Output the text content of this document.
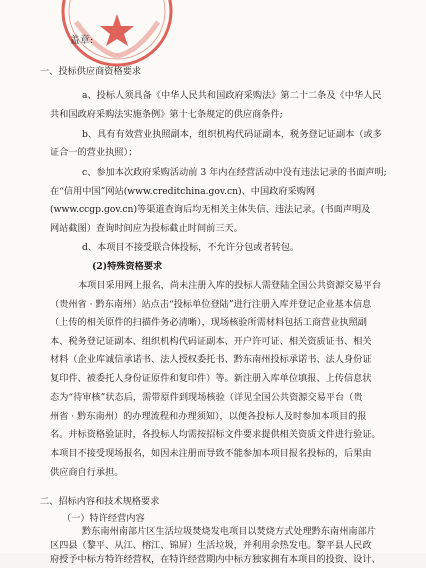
盖章:
一、投标供应商资格要求
a、投标人须具备《中华人民共和国政府采购法》第二十二条及《中华人民
共和国政府采购法实施条例》第十七条规定的供应商条件;
b、具有有效营业执照副本，组织机构代码证副本，税务登记证副本（或多
证合一的营业执照）；
c、参加本次政府采购活动前 3 年内在经营活动中没有违法记录的书面声明;
在“信用中国”网站(www.creditchina.gov.cn)、中国政府采购网
(www.ccgp.gov.cn)等渠道查询后均无相关主体失信、违法记录。(书面声明及
网站截图）查询时间应为投标截止时间前三天。
d、本项目不接受联合体投标，不允许分包或者转包。
(2)特殊资格要求
本项目采用网上报名，尚未注册入库的投标人需登陆全国公共资源交易平台
（贵州省 · 黔东南州）站点击“投标单位登陆”进行注册入库并登记企业基本信息
（上传的相关原件的扫描件务必清晰），现场核验所需材料包括工商营业执照副
本、税务登记证副本、组织机构代码证副本、开户许可证、相关资质证书、相关
材料（企业库诚信承诺书、法人授权委托书、黔东南州投标承诺书、法人身份证
复印件、被委托人身份证原件和复印件）等。新注册入库单位填报、上传信息状
态为“待审核”状态后，需带原件到现场核验（详见全国公共资源交易平台（贵
州省 · 黔东南州）的办理流程和办理须知），以便各投标人及时参加本项目的报
名。并标资格验证时，各投标人均需按招标文件要求提供相关资质文件进行验证。
本项目不接受现场报名，如因未注册而导致不能参加本项目报名投标的，后果由
供应商自行承担。
二、招标内容和技术规格要求
（一）特许经营内容
黔东南州南部片区生活垃圾焚烧发电项目以焚烧方式处理黔东南州南部片
区四县（黎平、从江、榕江、锦屏）生活垃圾，并利用余热发电。黎平县人民政
府授予中标方特许经营权，在特许经营期内中标方独家拥有本项目的投资、设计、
